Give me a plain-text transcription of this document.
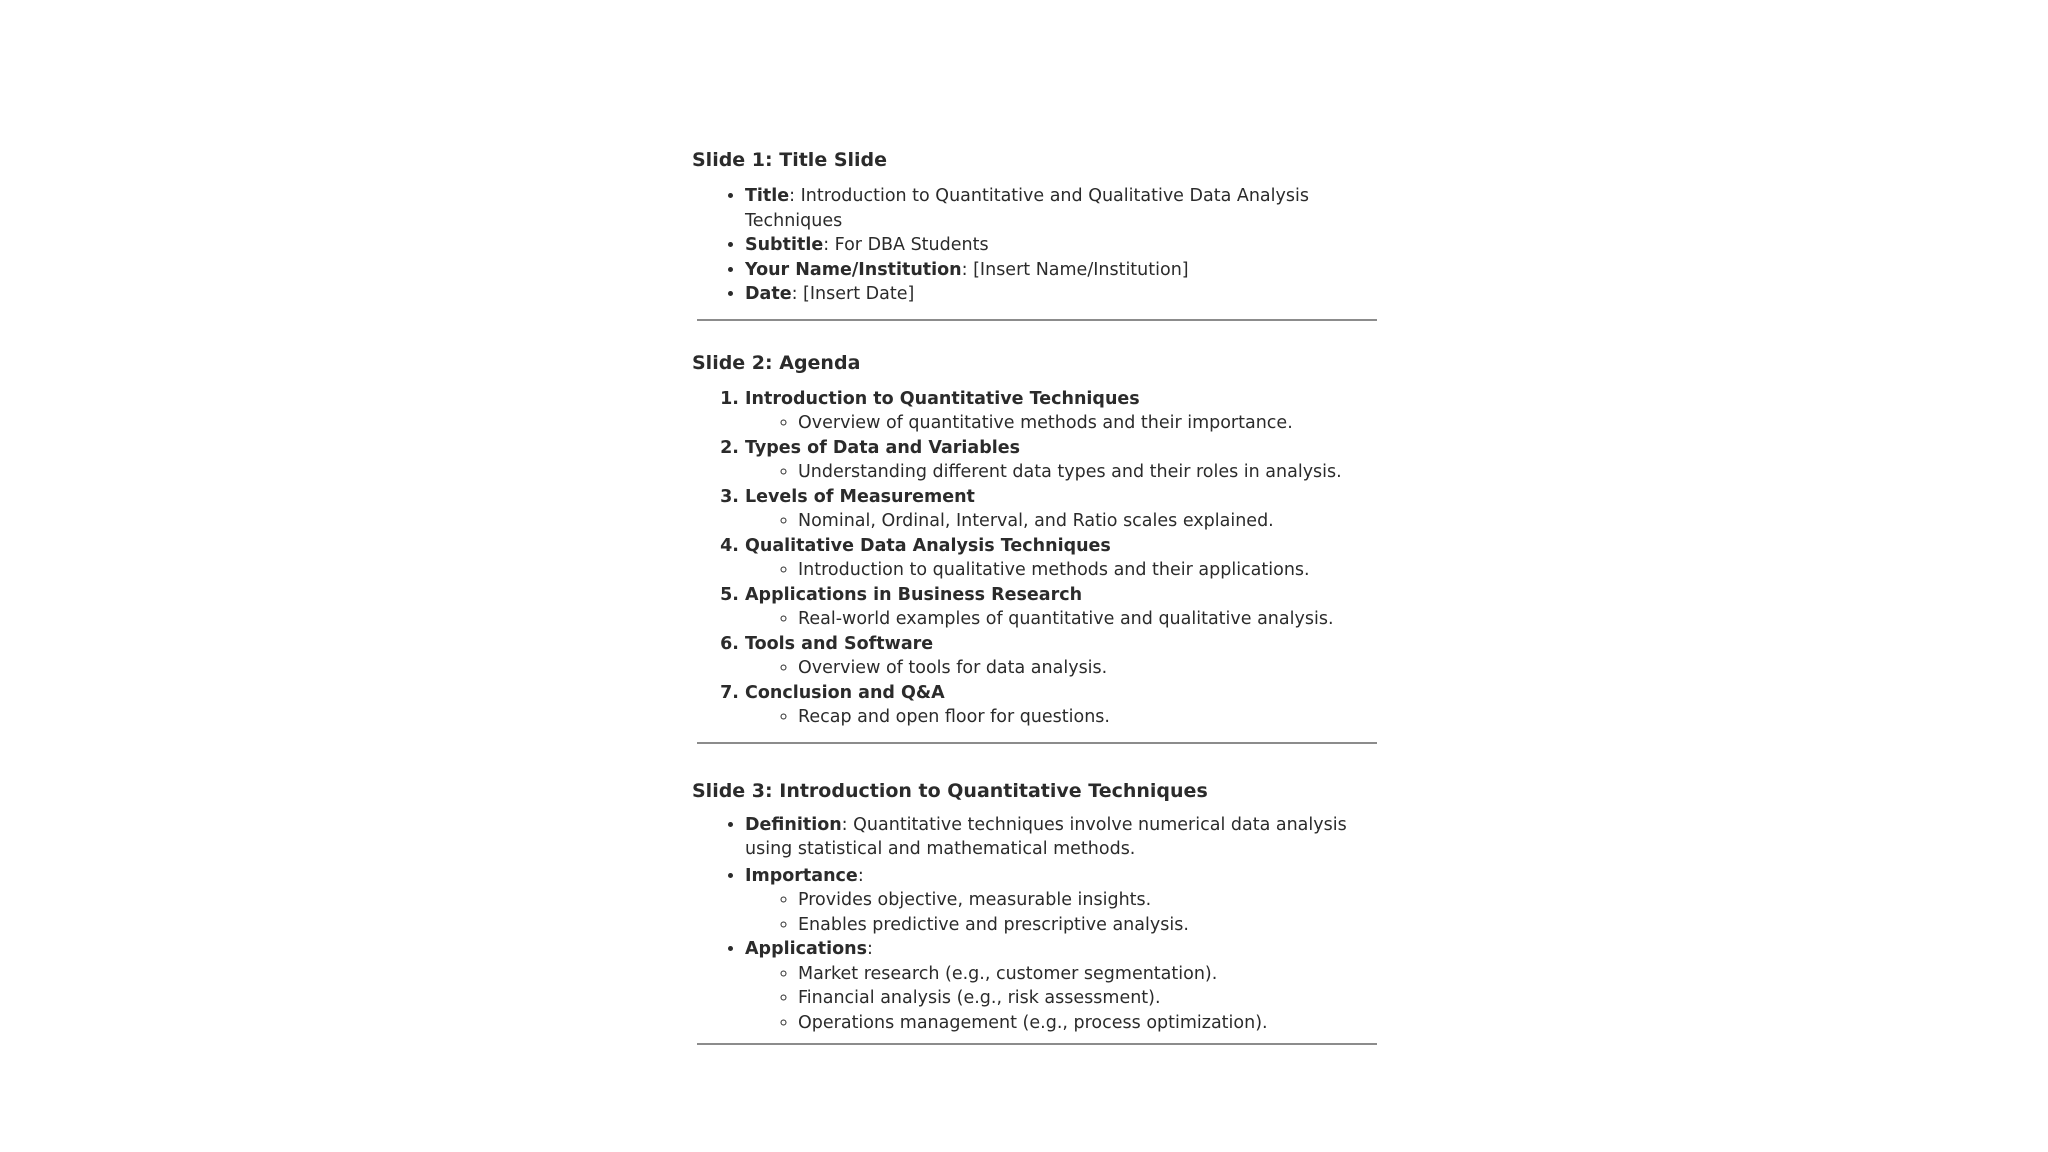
Slide 1: Title Slide
• Title: Introduction to Quantitative and Qualitative Data Analysis Techniques
• Subtitle: For DBA Students
• Your Name/Institution: [Insert Name/Institution]
• Date: [Insert Date]
Slide 2: Agenda
1. Introduction to Quantitative Techniques
◦ Overview of quantitative methods and their importance.
2. Types of Data and Variables
◦ Understanding different data types and their roles in analysis.
3. Levels of Measurement
◦ Nominal, Ordinal, Interval, and Ratio scales explained.
4. Qualitative Data Analysis Techniques
◦ Introduction to qualitative methods and their applications.
5. Applications in Business Research
◦ Real-world examples of quantitative and qualitative analysis.
6. Tools and Software
◦ Overview of tools for data analysis.
7. Conclusion and Q&A
◦ Recap and open floor for questions.
Slide 3: Introduction to Quantitative Techniques
• Definition: Quantitative techniques involve numerical data analysis using statistical and mathematical methods.
• Importance:
◦ Provides objective, measurable insights.
◦ Enables predictive and prescriptive analysis.
• Applications:
◦ Market research (e.g., customer segmentation).
◦ Financial analysis (e.g., risk assessment).
◦ Operations management (e.g., process optimization).
